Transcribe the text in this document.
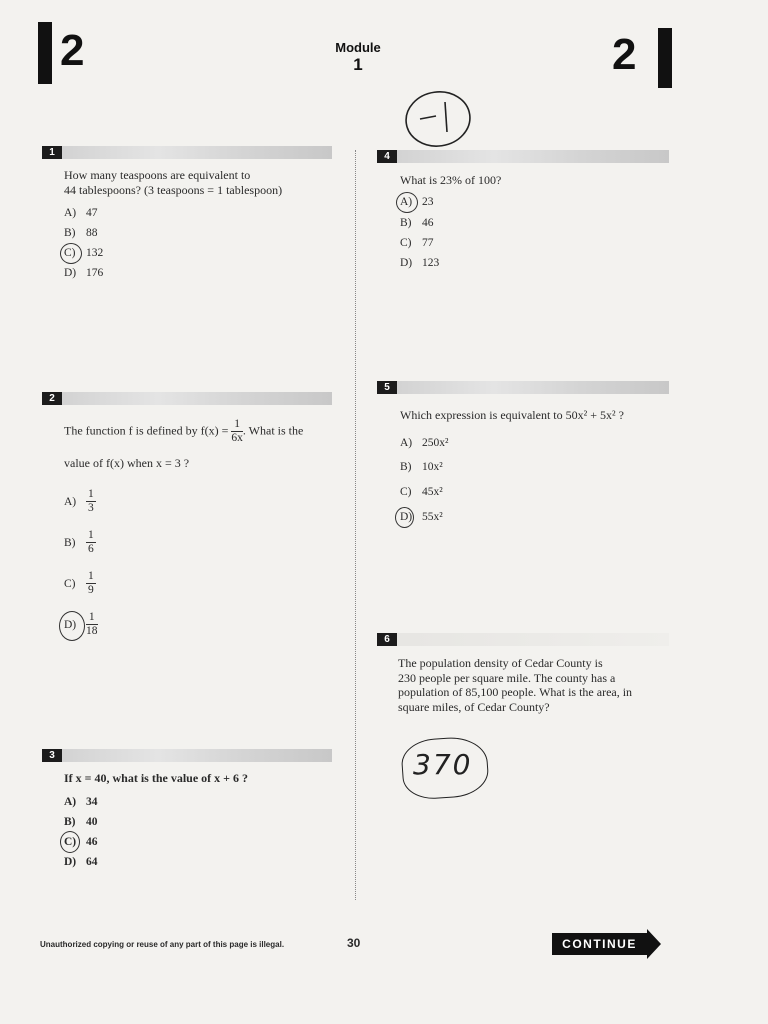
2	Module
1	2
-1
1
How many teaspoons are equivalent to
44 tablespoons? (3 teaspoons = 1 tablespoon)
A) 47
B) 88
C) 132
D) 176
2
The function f is defined by $f(x) = \frac{1}{6x}$ . What is the
value of f(x) when x = 3 ?
$A) \frac{1}{3}$
$B) \frac{1}{6}$
$C) \frac{1}{9}$
$D) \frac{1}{18}$
3
If x = 40, what is the value of x + 6 ?
A) 34
B) 40
C) 46
D) 64
4
What is 23% of 100?
A) 23
B) 46
C) 77
D) 123
5
Which expression is equivalent to 50x² + 5x² ?
A) 250x²
B) 10x²
C) 45x²
D) 55x²
6
The population density of Cedar County is
230 people per square mile. The county has a
population of 85,100 people. What is the area, in
square miles, of Cedar County?
370
Unauthorized copying or reuse of any part of this page is illegal.	30	CONTINUE
